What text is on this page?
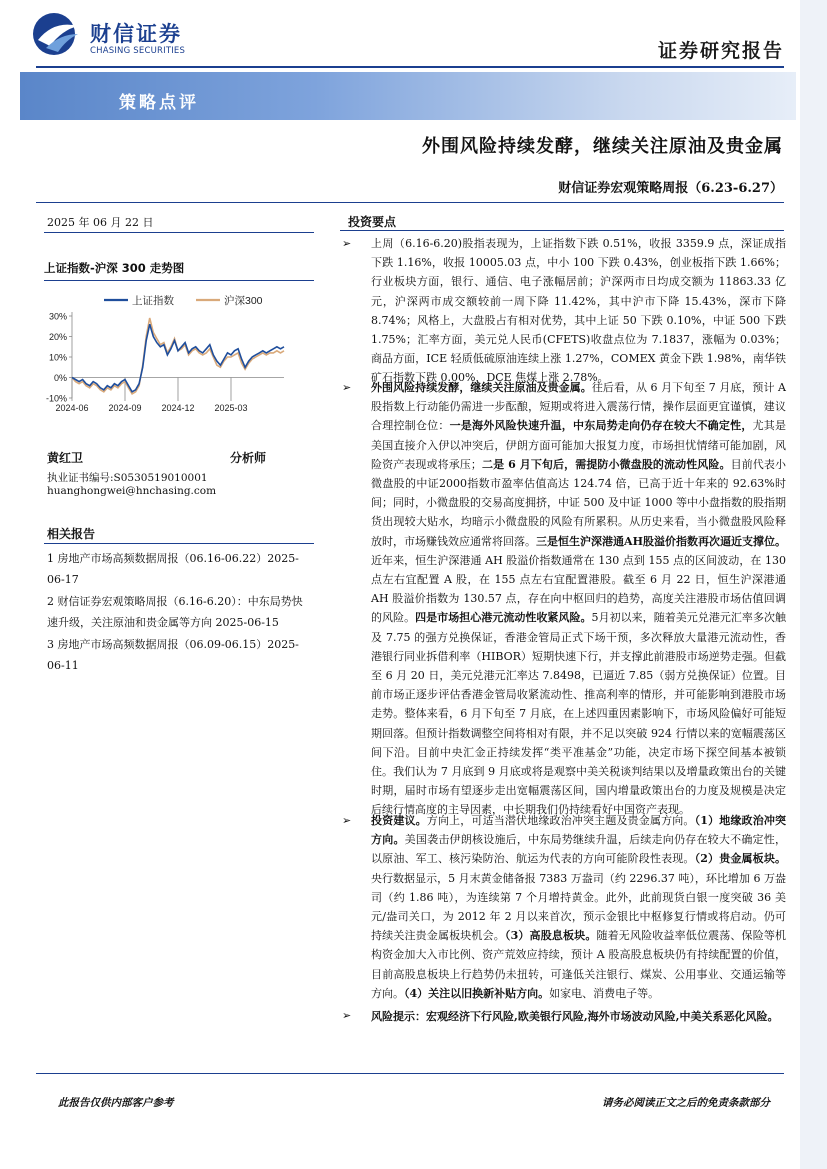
财信证券
CHASING SECURITIES	证券研究报告
策略点评
外围风险持续发酵，继续关注原油及贵金属
财信证券宏观策略周报（6.23-6.27）
2025 年 06 月 22 日
上证指数-沪深 300 走势图
30%
20%
10%
0%
-10%
2024-06 2024-09 2024-12 2025-03
上证指数	沪深300
黄红卫	分析师
执业证书编号:S0530519010001
huanghongwei@hnchasing.com
相关报告
1 房地产市场高频数据周报（06.16-06.22）2025-06-17
2 财信证券宏观策略周报（6.16-6.20）：中东局势快速升级，关注原油和贵金属等方向 2025-06-15
3 房地产市场高频数据周报（06.09-06.15）2025-06-11
投资要点
➢ 上周（6.16-6.20)股指表现为，上证指数下跌 0.51%，收报 3359.9 点，深证成指下跌 1.16%，收报 10005.03 点，中小 100 下跌 0.43%，创业板指下跌 1.66%；行业板块方面，银行、通信、电子涨幅居前；沪深两市日均成交额为 11863.33 亿元，沪深两市成交额较前一周下降 11.42%，其中沪市下降 15.43%，深市下降 8.74%；风格上，大盘股占有相对优势，其中上证 50 下跌 0.10%，中证 500 下跌 1.75%；汇率方面，美元兑人民币(CFETS)收盘点位为 7.1837，涨幅为 0.03%；商品方面，ICE 轻质低硫原油连续上涨 1.27%，COMEX 黄金下跌 1.98%，南华铁矿石指数下跌 0.00%，DCE 焦煤上涨 2.78%。
➢ 外围风险持续发酵，继续关注原油及贵金属。往后看，从 6 月下旬至 7 月底，预计 A 股指数上行动能仍需进一步酝酿，短期或将进入震荡行情，操作层面更宜谨慎，建议合理控制仓位：一是海外风险快速升温，中东局势走向仍存在较大不确定性，尤其是美国直接介入伊以冲突后，伊朗方面可能加大报复力度，市场担忧情绪可能加剧，风险资产表现或将承压；二是 6 月下旬后，需提防小微盘股的流动性风险。目前代表小微盘股的中证2000指数市盈率估值高达 124.74 倍，已高于近十年来的 92.63%时间；同时，小微盘股的交易高度拥挤，中证 500 及中证 1000 等中小盘指数的股指期货出现较大贴水，均暗示小微盘股的风险有所累积。从历史来看，当小微盘股风险释放时，市场赚钱效应通常将回落。三是恒生沪深港通AH股溢价指数再次逼近支撑位。近年来，恒生沪深港通 AH 股溢价指数通常在 130 点到 155 点的区间波动，在 130 点左右宜配置 A 股，在 155 点左右宜配置港股。截至 6 月 22 日，恒生沪深港通 AH 股溢价指数为 130.57 点，存在向中枢回归的趋势，高度关注港股市场估值回调的风险。四是市场担心港元流动性收紧风险。5月初以来，随着美元兑港元汇率多次触及 7.75 的强方兑换保证，香港金管局正式下场干预，多次释放大量港元流动性，香港银行同业拆借利率（HIBOR）短期快速下行，并支撑此前港股市场逆势走强。但截至 6 月 20 日，美元兑港元汇率达 7.8498，已逼近 7.85（弱方兑换保证）位置。目前市场正逐步评估香港金管局收紧流动性、推高利率的情形，并可能影响到港股市场走势。整体来看，6 月下旬至 7 月底，在上述四重因素影响下，市场风险偏好可能短期回落。但预计指数调整空间将相对有限，并不足以突破 924 行情以来的宽幅震荡区间下沿。目前中央汇金正持续发挥“类平准基金”功能，决定市场下探空间基本被锁住。我们认为 7 月底到 9 月底或将是观察中美关税谈判结果以及增量政策出台的关键时期，届时市场有望逐步走出宽幅震荡区间，国内增量政策出台的力度及规模是决定后续行情高度的主导因素，中长期我们仍持续看好中国资产表现。
➢ 投资建议。方向上，可适当潜伏地缘政治冲突主题及贵金属方向。（1）地缘政治冲突方向。美国袭击伊朗核设施后，中东局势继续升温，后续走向仍存在较大不确定性，以原油、军工、核污染防治、航运为代表的方向可能阶段性表现。（2）贵金属板块。央行数据显示，5 月末黄金储备报 7383 万盎司（约 2296.37 吨），环比增加 6 万盎司（约 1.86 吨），为连续第 7 个月增持黄金。此外，此前现货白银一度突破 36 美元/盎司关口，为 2012 年 2 月以来首次，预示金银比中枢修复行情或将启动。仍可持续关注贵金属板块机会。（3）高股息板块。随着无风险收益率低位震荡、保险等机构资金加大入市比例、资产荒效应持续，预计 A 股高股息板块仍有持续配置的价值，目前高股息板块上行趋势仍未扭转，可逢低关注银行、煤炭、公用事业、交通运输等方向。（4）关注以旧换新补贴方向。如家电、消费电子等。
➢ 风险提示：宏观经济下行风险,欧美银行风险,海外市场波动风险,中美关系恶化风险。
此报告仅供内部客户参考	请务必阅读正文之后的免责条款部分
